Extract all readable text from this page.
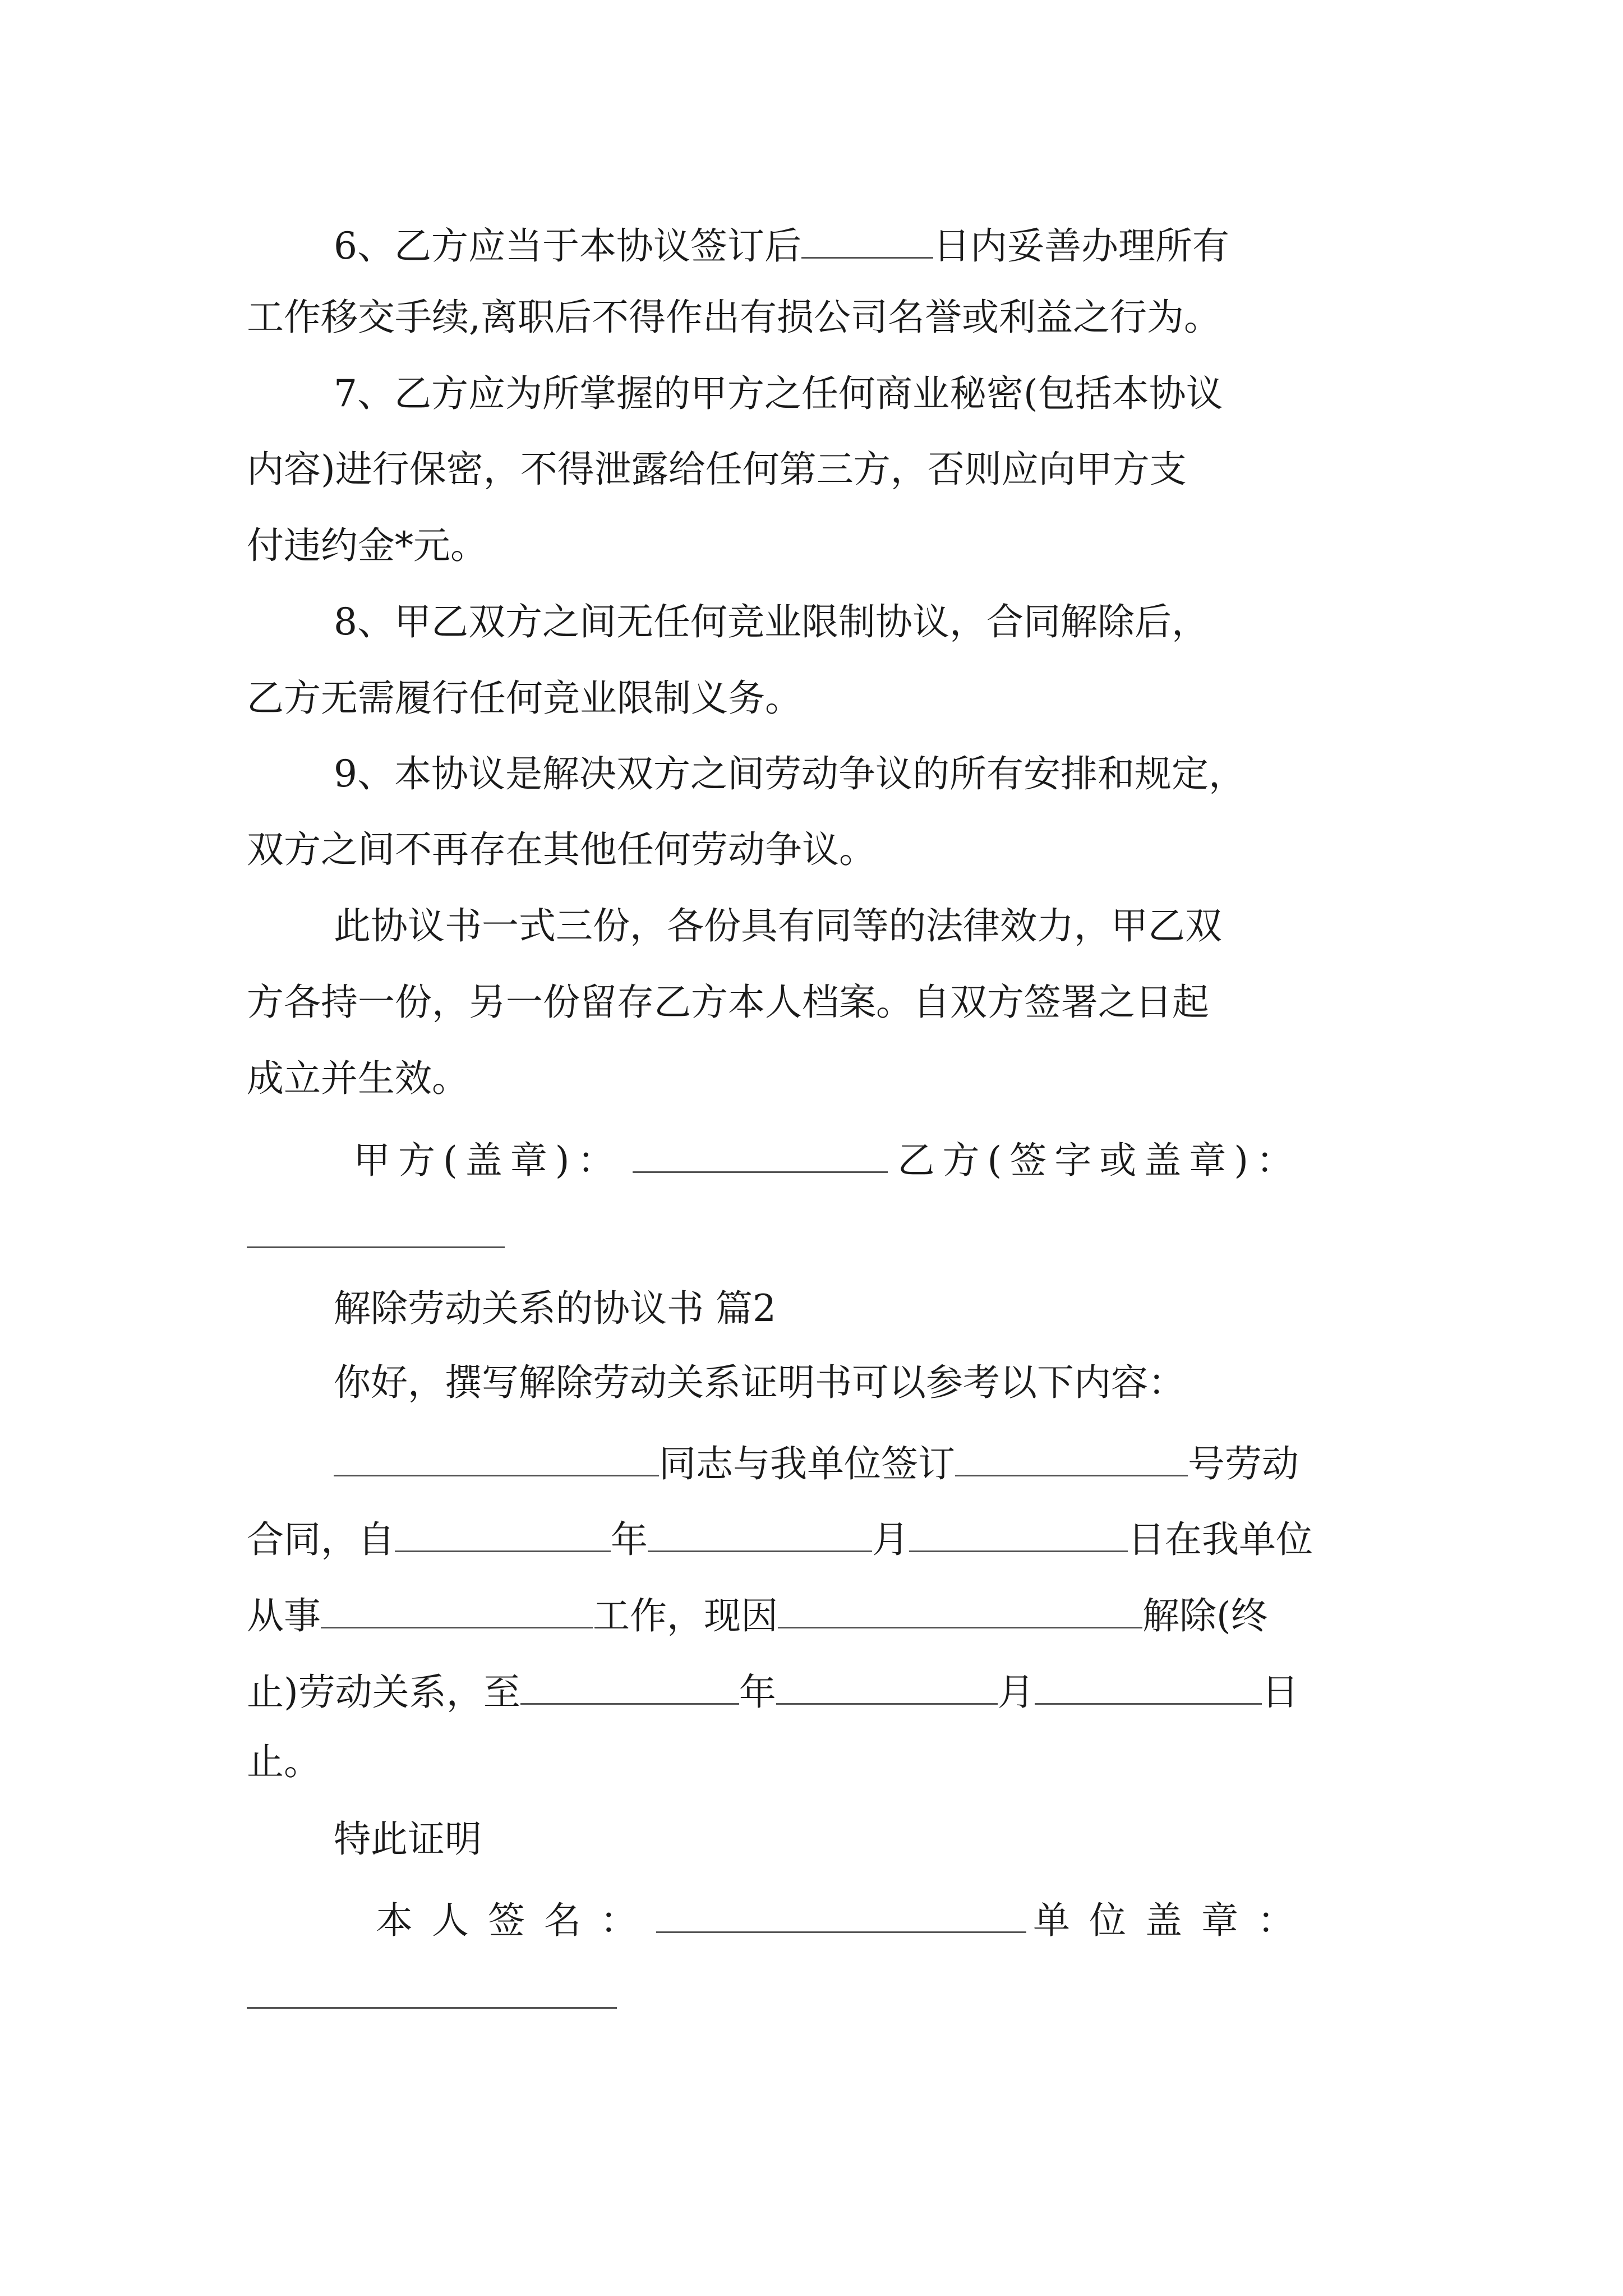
6、乙方应当于本协议签订后	日内妥善办理所有

工作移交手续,离职后不得作出有损公司名誉或利益之行为。

7、乙方应为所掌握的甲方之任何商业秘密(包括本协议

内容)进行保密，不得泄露给任何第三方，否则应向甲方支

付违约金*元。

8、甲乙双方之间无任何竞业限制协议，合同解除后，

乙方无需履行任何竞业限制义务。

9、本协议是解决双方之间劳动争议的所有安排和规定，

双方之间不再存在其他任何劳动争议。

此协议书一式三份，各份具有同等的法律效力，甲乙双

方各持一份，另一份留存乙方本人档案。自双方签署之日起

成立并生效。

甲方(盖章)：	乙方(签字或盖章)：

解除劳动关系的协议书 篇2

你好，撰写解除劳动关系证明书可以参考以下内容：

同志与我单位签订	号劳动

合同，自	年	月	日在我单位

从事	工作，现因	解除(终

止)劳动关系，至	年	月	日

止。

特此证明

本人签名：	单位盖章：
